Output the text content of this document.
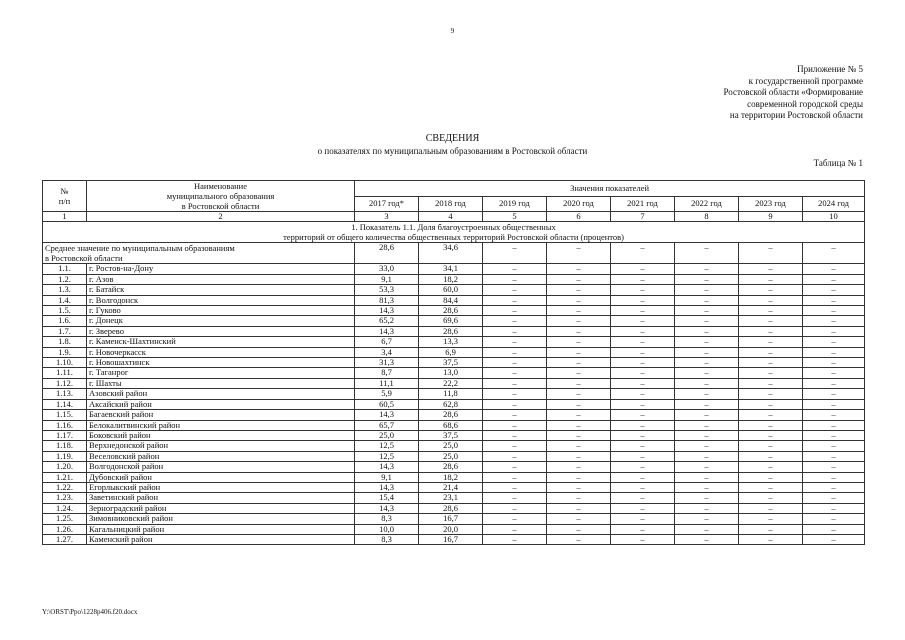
9
Приложение № 5
к государственной программе
Ростовской области «Формирование
современной городской среды
на территории Ростовской области
СВЕДЕНИЯ
о показателях по муниципальным образованиям в Ростовской области
Таблица № 1
№
п/п	Наименование
муниципального образования
в Ростовской области	Значения показателей							
		2017 год*	2018 год	2019 год	2020 год	2021 год	2022 год	2023 год	2024 год
1	2	3	4	5	6	7	8	9	10
1. Показатель 1.1. Доля благоустроенных общественных
территорий от общего количества общественных территорий Ростовской области (процентов)									
Среднее значение по муниципальным образованиям
в Ростовской области		28,6	34,6	–	–	–	–	–	–
1.1.	г. Ростов-на-Дону	33,0	34,1	–	–	–	–	–	–
1.2.	г. Азов	9,1	18,2	–	–	–	–	–	–
1.3.	г. Батайск	53,3	60,0	–	–	–	–	–	–
1.4.	г. Волгодонск	81,3	84,4	–	–	–	–	–	–
1.5.	г. Гуково	14,3	28,6	–	–	–	–	–	–
1.6.	г. Донецк	65,2	69,6	–	–	–	–	–	–
1.7.	г. Зверево	14,3	28,6	–	–	–	–	–	–
1.8.	г. Каменск-Шахтинский	6,7	13,3	–	–	–	–	–	–
1.9.	г. Новочеркасск	3,4	6,9	–	–	–	–	–	–
1.10.	г. Новошахтинск	31,3	37,5	–	–	–	–	–	–
1.11.	г. Таганрог	8,7	13,0	–	–	–	–	–	–
1.12.	г. Шахты	11,1	22,2	–	–	–	–	–	–
1.13.	Азовский район	5,9	11,8	–	–	–	–	–	–
1.14.	Аксайский район	60,5	62,8	–	–	–	–	–	–
1.15.	Багаевский район	14,3	28,6	–	–	–	–	–	–
1.16.	Белокалитвинский район	65,7	68,6	–	–	–	–	–	–
1.17.	Боковский район	25,0	37,5	–	–	–	–	–	–
1.18.	Верхнедонской район	12,5	25,0	–	–	–	–	–	–
1.19.	Веселовский район	12,5	25,0	–	–	–	–	–	–
1.20.	Волгодонской район	14,3	28,6	–	–	–	–	–	–
1.21.	Дубовский район	9,1	18,2	–	–	–	–	–	–
1.22.	Егорлыкский район	14,3	21,4	–	–	–	–	–	–
1.23.	Заветинский район	15,4	23,1	–	–	–	–	–	–
1.24.	Зерноградский район	14,3	28,6	–	–	–	–	–	–
1.25.	Зимовниковский район	8,3	16,7	–	–	–	–	–	–
1.26.	Кагальницкий район	10,0	20,0	–	–	–	–	–	–
1.27.	Каменский район	8,3	16,7	–	–	–	–	–	–
Y:\ORST\Ppo\1228p406.f20.docx
